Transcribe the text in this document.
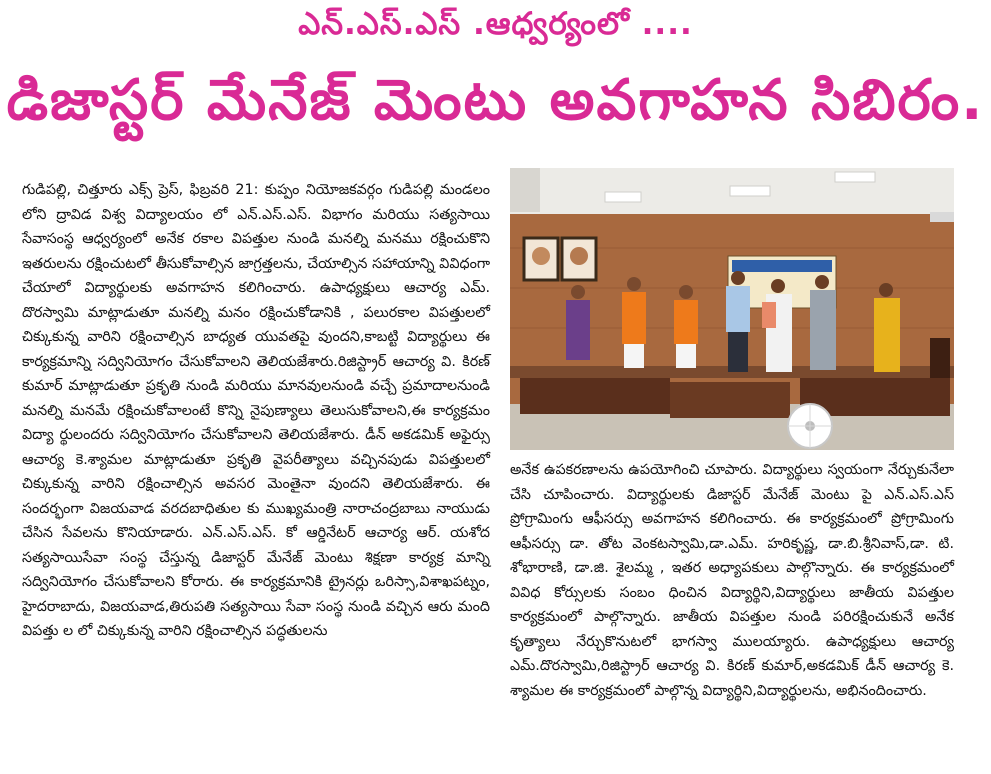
ఎన్.ఎస్.ఎస్ .ఆధ్వర్యంలో ....
డిజాస్టర్ మేనేజ్ మెంటు అవగాహన సిబిరం.

గుడిపల్లి, చిత్తూరు ఎక్స్ ప్రెస్, ఫిబ్రవరి 21: కుప్పం నియోజకవర్గం గుడిపల్లి మండలం లోని ద్రావిడ విశ్వ విద్యాలయం లో ఎన్.ఎస్.ఎస్. విభాగం మరియు సత్యసాయి సేవాసంస్థ ఆధ్వర్యంలో అనేక రకాల విపత్తుల నుండి మనల్ని మనము రక్షించుకొని ఇతరులను రక్షించుటలో తీసుకోవాల్సిన జాగ్రత్తలను, చేయాల్సిన సహాయాన్ని వివిధంగా చేయాలో విద్యార్థులకు అవగాహన కలిగించారు. ఉపాధ్యక్షులు ఆచార్య ఎమ్. దొరస్వామి మాట్లాడుతూ మనల్ని మనం రక్షించుకోడానికి , పలురకాల విపత్తులలో చిక్కుకున్న వారిని రక్షించాల్సిన బాధ్యత యువతపై వుందని,కాబట్టి విద్యార్థులు ఈ కార్యక్రమాన్ని సద్వినియోగం చేసుకోవాలని తెలియజేశారు.రిజిస్ట్రార్ ఆచార్య వి. కిరణ్ కుమార్ మాట్లాడుతూ ప్రకృతి నుండి మరియు మానవులనుండి వచ్చే ప్రమాదాలనుండి మనల్ని మనమే రక్షించుకోవాలంటే కొన్ని నైపుణ్యాలు తెలుసుకోవాలని,ఈ కార్యక్రమం విద్యా ర్థులందరు సద్వినియోగం చేసుకోవాలని తెలియజేశారు. డీన్ అకడమిక్ అఫైర్సు ఆచార్య కె.శ్యామల మాట్లాడుతూ ప్రకృతి వైపరీత్యాలు వచ్చినపుడు విపత్తులలో చిక్కుకున్న వారిని రక్షించాల్సిన అవసర మెంతైనా వుందని తెలియజేశారు. ఈ సందర్భంగా విజయవాడ వరదబాధితుల కు ముఖ్యమంత్రి నారాచంద్రబాబు నాయుడు చేసిన సేవలను కొనియాడారు. ఎన్.ఎస్.ఎస్. కో ఆర్డినేటర్ ఆచార్య ఆర్. యశోద సత్యసాయిసేవా సంస్థ చేస్తున్న డిజాస్టర్ మేనేజ్ మెంటు శిక్షణా కార్యక్ర మాన్ని సద్వినియోగం చేసుకోవాలని కోరారు. ఈ కార్యక్రమానికి ట్రైనర్లు ఒరిస్సా,విశాఖపట్నం, హైదరాబాదు, విజయవాడ,తిరుపతి సత్యసాయి సేవా సంస్థ నుండి వచ్చిన ఆరు మంది విపత్తు ల లో చిక్కుకున్న వారిని రక్షించాల్సిన పద్ధతులను

అనేక ఉపకరణాలను ఉపయోగించి చూపారు. విద్యార్థులు స్వయంగా నేర్చుకునేలా చేసి చూపించారు. విద్యార్థులకు డిజాస్టర్ మేనేజ్ మెంటు పై ఎన్.ఎస్.ఎస్ ప్రోగ్రామింగు ఆఫీసర్సు అవగాహన కలిగించారు. ఈ కార్యక్రమంలో ప్రోగ్రామింగు ఆఫీసర్సు డా. తోట వెంకటస్వామి,డా.ఎమ్. హరికృష్ణ, డా.బి.శ్రీనివాస్,డా. టి. శోభారాణి, డా.జి. శైలమ్మ , ఇతర అధ్యాపకులు పాల్గొన్నారు. ఈ కార్యక్రమంలో వివిధ కోర్సులకు సంబం ధించిన విద్యార్థిని,విద్యార్థులు జాతీయ విపత్తుల కార్యక్రమంలో పాల్గొన్నారు. జాతీయ విపత్తుల నుండి పరిరక్షించుకునే అనేక కృత్యాలు నేర్చుకొనుటలో భాగస్వా ములయ్యారు. ఉపాధ్యక్షులు ఆచార్య ఎమ్.దొరస్వామి,రిజిస్ట్రార్ ఆచార్య వి. కిరణ్ కుమార్,అకడమిక్ డీన్ ఆచార్య కె. శ్యామల ఈ కార్యక్రమంలో పాల్గొన్న విద్యార్థిని,విద్యార్థులను, అభినందించారు.
